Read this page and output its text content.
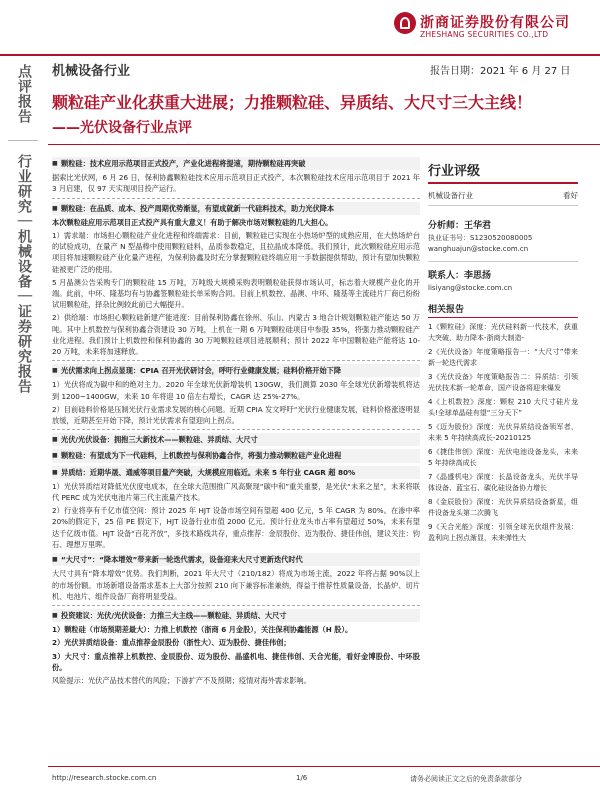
浙商证券股份有限公司
ZHESHANG SECURITIES CO.,LTD
机械设备行业	报告日期：2021 年 6 月 27 日
点评报告
行业研究｜机械设备｜证券研究报告
颗粒硅产业化获重大进展；力推颗粒硅、异质结、大尺寸三大主线！
——光伏设备行业点评
■ 颗粒硅：技术应用示范项目正式投产，产业化进程将提速，期待颗粒硅再突破

据索比光伏网，6 月 26 日，保利协鑫颗粒硅技术应用示范项目正式投产，本次颗粒硅技术应用示范项目于 2021 年 3 月启建，仅 97 天实现项目投产运行。

■ 颗粒硅：在品质、成本、投产周期优势渐显，有望成就新一代硅料技术，助力光伏降本

本次颗粒硅应用示范项目正式投产具有重大意义！有助于解决市场对颗粒硅的几大担心。

1）需求端：市场担心颗粒硅产业化进程和终端需求：目前，颗粒硅已实现在小热场炉型的成熟应用，在大热场炉台的试验成功，在量产 N 型晶棒中使用颗粒硅料，品质参数稳定，且拉晶成本降低。我们预计，此次颗粒硅应用示范项目将加速颗粒硅产业化量产进程，为保利协鑫及时充分掌握颗粒硅终端应用一手数据提供帮助，预计有望加快颗粒硅被更广泛的使用。

5 月晶澳公告采购专门的颗粒硅 15 万吨，万吨级大规模采购表明颗粒硅获得市场认可，标志着大规模产业化的开端。此前，中环、隆基均有与协鑫签颗粒硅长单采购合同。目前上机数控、晶澳、中环、隆基等主流硅片厂商已纷纷试用颗粒硅，择杂比例较此前已大幅提升。

2）供给端：市场担心颗粒硅新建产能进度：目前保利协鑫在徐州、乐山、内蒙古 3 地合计规划颗粒硅产能达 50 万吨。其中上机数控与保利协鑫合资建设 30 万吨，上机在一期 6 万吨颗粒硅项目中参股 35%，将强力推动颗粒硅产业化进程。我们预计上机数控和保利协鑫的 30 万吨颗粒硅项目进展顺利；预计 2022 年中国颗粒硅产能将达 10-20 万吨，未来将加速释放。

■ 光伏需求向上拐点显现：CPIA 召开光伏研讨会，呼吁行业健康发展；硅料价格开始下降

1）光伏将成为碳中和的绝对主力。2020 年全球光伏新增装机 130GW，我们测算 2030 年全球光伏新增装机将达到 1200~1400GW，未来 10 年将迎 10 倍左右增长，CAGR 达 25%-27%。

2）目前硅料价格是压制光伏行业需求发展的核心问题。近期 CPIA 发文呼吁“光伏行业健康发展，硅料价格涨逐明显放缓，近期甚至开始下降，预计光伏需求有望迎向上拐点。

■ 光伏/光伏设备：拥抱三大新技术——颗粒硅、异质结、大尺寸
■ 颗粒硅：有望成为下一代硅料，上机数控与保利协鑫合作，将强力推动颗粒硅产业化进程
■ 异质结：近期华晟、通威等项目量产突破，大规模应用临近。未来 5 年行业 CAGR 超 80%

1）光伏异质结对降低光伏度电成本，在全球大范围推广风高聚现“碳中和”重关重要，是光伏“未来之星”，未来将联代 PERC 成为光伏电池片第三代主流量产技术。

2）行业将享有千亿市值空间：预计 2025 年 HJT 设备市场空间有望超 400 亿元，5 年 CAGR 为 80%。在渗中率 20%的假定下，25 倍 PE 假定下，HJT 设备行业市值 2000 亿元。预计行业龙头市占率有望超过 50%，未来有望达千亿级市值。HJT 设备“百花齐放”，多技术路线共存，重点推荐：金辰股份、迈为股份、捷佳伟创，建议关注：钧石、理想万里晖。

■ “大尺寸”：“降本增效”带来新一轮迭代需求，设备迎来大尺寸更新迭代时代

大尺寸具有“降本增效”优势。我们判断，2021 年大尺寸（210/182）将成为市场主流，2022 年将占据 90%以上的市场份额。市场新增设备需求基本上大部分按照 210 向下兼容标准兼纳，得益于推荐性质量设备，长晶炉、切片机、电池片、组件设备厂商将明显受益。

■ 投资建议：光伏/光伏设备：力推三大主线——颗粒硅、异质结、大尺寸

1）颗粒硅（市场预期差最大）：力推上机数控（浙商 6 月金股），关注保利协鑫能源（H 股）。

2）光伏异质结设备：重点推荐金辰股份（浙性大）、迈为股份、捷佳伟创；

3）大尺寸：重点推荐上机数控、金辰股份、迈为股份、晶盛机电、捷佳伟创、天合光能，看好金博股份、中环股份。

风险提示：光伏产品技术替代的风险；下游扩产不及预期；疫情对海外需求影响。

行业评级
机械设备行业	看好
分析师：王华君
执业证书号：S1230520080005
wanghuajun@stocke.com.cn
联系人：李思扬
lisiyang@stocke.com.cn
相关报告
1《颗粒硅》深度：光伏硅料新一代技术，获重大突破，助力降本-浙商大制造-
2《光伏设备》年度策略报告一：“大尺寸”带来新一轮迭代需求
3《光伏设备》年度策略报告二：异质结：引领光伏技术新一轮革命，国产设备将迎来爆发
4《上机数控》深度：颗粒 210 大尺寸硅片龙头!全球单晶硅有望“三分天下”
5《迈为股份》深度：光伏异质结设备领军者，未来 5 年持续高成长-20210125
6《捷佳伟创》深度：光伏电池设备龙头，未来 5 年持续高成长
7《晶盛机电》深度：长晶设备龙头，光伏半导体设备、蓝宝石、碳化硅设备协力增长
8《金辰股份》深度：光伏异质结设备新星，组件设备龙头第二次腾飞
9《天合光能》深度：引领全球光伏组件发展：盈利向上拐点渐显，未来弹性大
http://research.stocke.com.cn	1/6	请务必阅读正文之后的免责条款部分
